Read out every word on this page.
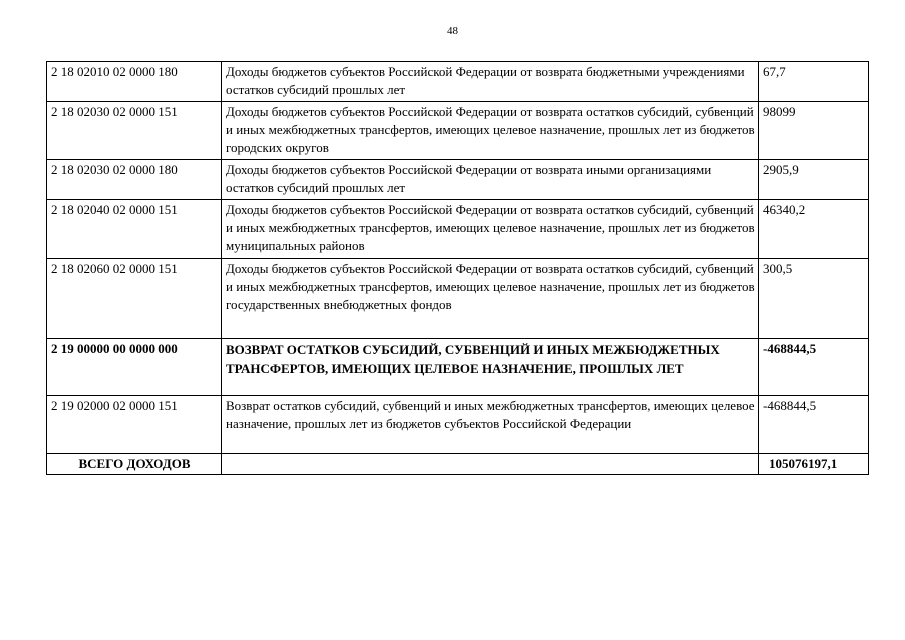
48
2 18 02010 02 0000 180	Доходы бюджетов субъектов Российской Федерации от возврата бюджетными учреждениями остатков субсидий прошлых лет	67,7
2 18 02030 02 0000 151	Доходы бюджетов субъектов Российской Федерации от возврата остатков субсидий, субвенций и иных межбюджетных трансфертов, имеющих целевое назначение, прошлых лет из бюджетов городских округов	98099
2 18 02030 02 0000 180	Доходы бюджетов субъектов Российской Федерации от возврата иными организациями остатков субсидий прошлых лет	2905,9
2 18 02040 02 0000 151	Доходы бюджетов субъектов Российской Федерации от возврата остатков субсидий, субвенций и иных межбюджетных трансфертов, имеющих целевое назначение, прошлых лет из бюджетов муниципальных районов	46340,2
2 18 02060 02 0000 151	Доходы бюджетов субъектов Российской Федерации от возврата остатков субсидий, субвенций и иных межбюджетных трансфертов, имеющих целевое назначение, прошлых лет из бюджетов государственных внебюджетных фондов	300,5
2 19 00000 00 0000 000	ВОЗВРАТ ОСТАТКОВ СУБСИДИЙ, СУБВЕНЦИЙ И ИНЫХ МЕЖБЮДЖЕТНЫХ ТРАНСФЕРТОВ, ИМЕЮЩИХ ЦЕЛЕВОЕ НАЗНАЧЕНИЕ, ПРОШЛЫХ ЛЕТ	-468844,5
2 19 02000 02 0000 151	Возврат остатков субсидий, субвенций и иных межбюджетных трансфертов, имеющих целевое назначение, прошлых лет из бюджетов субъектов Российской Федерации	-468844,5
ВСЕГО ДОХОДОВ		105076197,1
